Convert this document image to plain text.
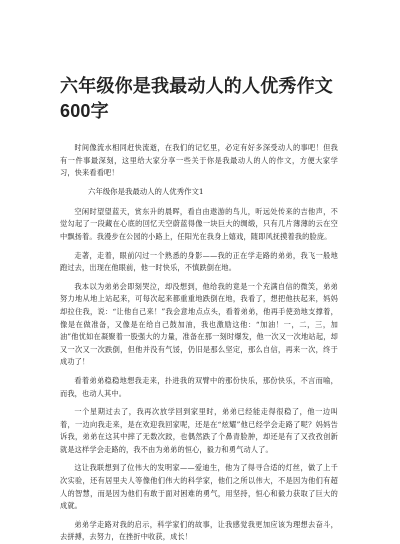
六年级你是我最动人的人优秀作文600字

时间像流水相同赶快流逝，在我们的记忆里，必定有好多深受动人的事吧！但我有一件事最深刻，这里给大家分享一些关于你是我最动人的人的作文，方便大家学习，快来看看吧！

六年级你是我最动人的人优秀作文1

空闲时望望蓝天，赏东升的晨晖，看自由遨游的鸟儿，听远处传来的吉他声，不觉勾起了一段藏在心底的回忆天空蔚蓝得像一块巨大的绸缎，只有几片薄薄的云在空中飘扬着。我漫步在公园的小路上，任阳光在我身上嬉戏，随即风抚摸着我的脸庞。

走著，走着，眼前闪过一个熟悉的身影——我的正在学走路的弟弟，我飞一般地跑过去，出现在他眼前，他一时快乐，不慎跌倒在地。

我本以为弟弟会即刻哭泣，却没想到，他给我的竟是一个充满自信的微笑，弟弟努力地从地上站起来，可每次起来都重重地跌倒在地，我看了，想把他扶起来，妈妈却拉住我，说：“让他自己来！”我会意地点点头，看着弟弟，他再手使劲地支撑着，像是在做准备，又像是在给自己鼓加油，我也激励这他：“加油！一，二，三，加油”他忧如在凝聚着一股强大的力量，准备在那一刻时爆发，他一次又一次地站起，却又一次又一次跌倒，但他并没有气馁，仍旧是那么坚定，那么自信，再来一次，终于成功了！

看着弟弟稳稳地想我走来，扑进我的双臂中的那份快乐，那份快乐，不言而喻，而我，也动人其中。

一个星期过去了，我再次放学回到家里时，弟弟已经能走得很稳了，他一边叫着，一边向我走来，是在欢迎我回家呢，还是在“炫耀”他已经学会走路了呢？妈妈告诉我，弟弟在这其中摔了无数次跤，也偶然跌了个鼻青脸肿，却还是有了又孜孜创新就是这样学会走路的，我不由为弟弟的恒心，毅力和勇气动人了。

这让我联想到了位伟大的发明家——爱迪生，他为了得寻合适的灯丝，做了上千次实验，还有居里夫人等像他们伟大的科学家，他们之所以伟大，不是因为他们有超人的智慧，而是因为他们有敢于面对困难的勇气，用坚持，恒心和毅力获取了巨大的成就。

弟弟学走路对我的启示，科学家们的故事，让我感觉我更加应该为理想去奋斗，去拼搏，去努力，在挫折中收获，成长！
